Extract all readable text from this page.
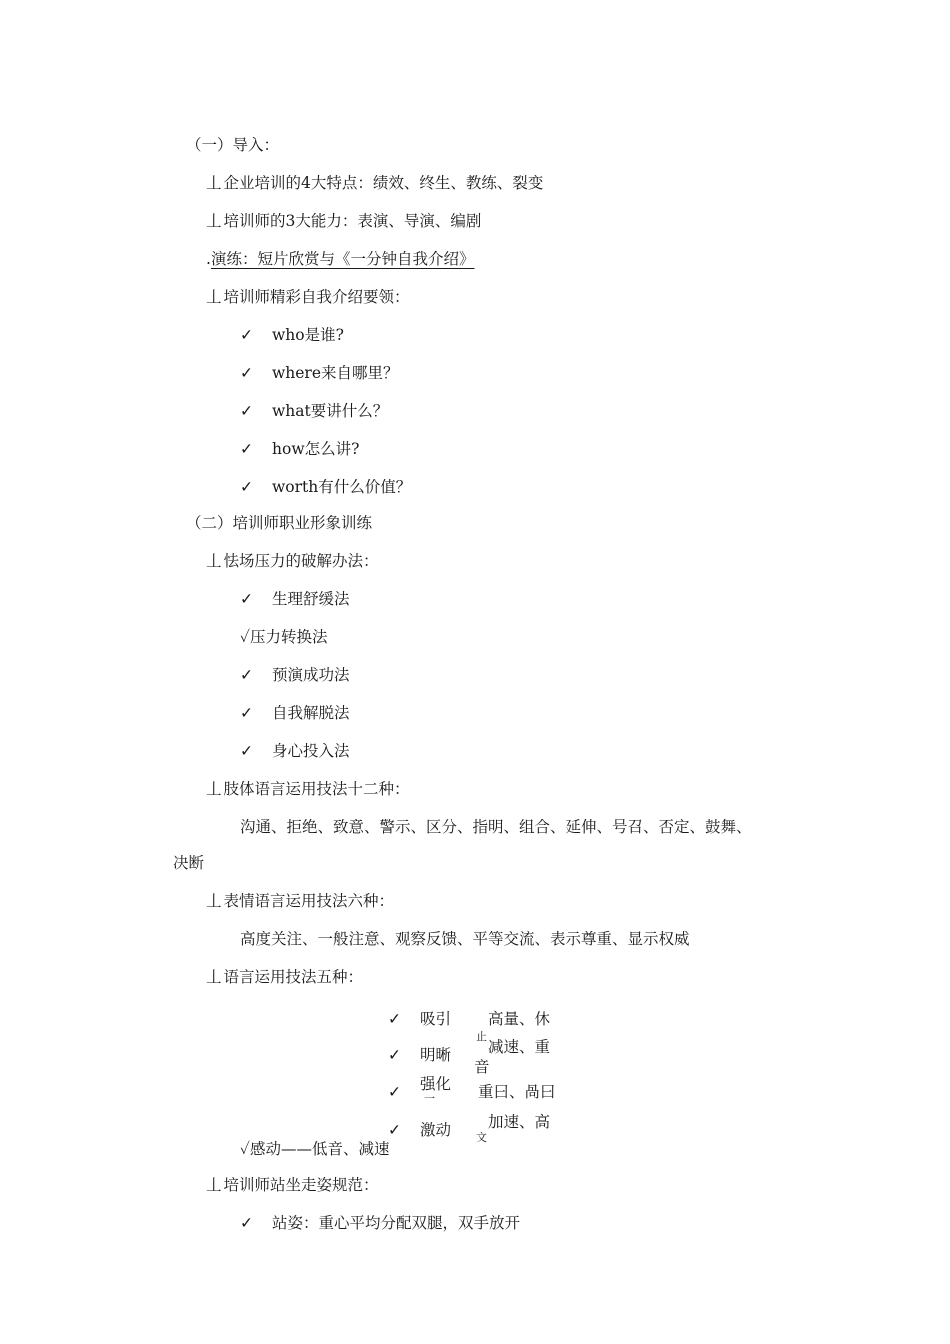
（一）导入：
丄 企业培训的4大特点：绩效、终生、教练、裂变
丄 培训师的3大能力：表演、导演、编剧
.演练：短片欣赏与《一分钟自我介绍》
丄 培训师精彩自我介绍要领：
✓ who是谁?
✓ where来自哪里？
✓ what要讲什么？
✓ how怎么讲?
✓ worth有什么价值？
（二）培训师职业形象训练
丄 怯场压力的破解办法：
✓ 生理舒缓法
✓压力转换法
✓ 预演成功法
✓ 自我解脱法
✓ 身心投入法
丄 肢体语言运用技法十二种：
沟通、拒绝、致意、警示、区分、指明、组合、延伸、号召、否定、鼓舞、
决断
丄 表情语言运用技法六种：
高度关注、一般注意、观察反馈、平等交流、表示尊重、显示权威
丄 语言运用技法五种：
✓ 吸引 高量、休
止
✓ 明晰 减速、重
音
✓ 强化
一	重曰、咼曰
✓ 激动 加速、高
文
✓感动——低音、减速
丄 培训师站坐走姿规范：
✓ 站姿：重心平均分配双腿，双手放开
